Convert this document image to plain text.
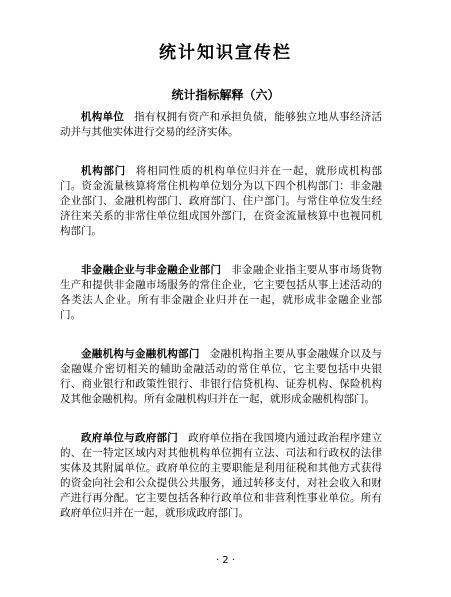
统计知识宣传栏
统计指标解释（六）

机构单位 指有权拥有资产和承担负债，能够独立地从事经济活动并与其他实体进行交易的经济实体。

机构部门 将相同性质的机构单位归并在一起，就形成机构部门。资金流量核算将常住机构单位划分为以下四个机构部门：非金融企业部门、金融机构部门、政府部门、住户部门。与常住单位发生经济往来关系的非常住单位组成国外部门，在资金流量核算中也视同机构部门。

非金融企业与非金融企业部门 非金融企业指主要从事市场货物生产和提供非金融市场服务的常住企业，它主要包括从事上述活动的各类法人企业。所有非金融企业归并在一起，就形成非金融企业部门。

金融机构与金融机构部门 金融机构指主要从事金融媒介以及与金融媒介密切相关的辅助金融活动的常住单位，它主要包括中央银行、商业银行和政策性银行、非银行信贷机构、证券机构、保险机构及其他金融机构。所有金融机构归并在一起，就形成金融机构部门。

政府单位与政府部门 政府单位指在我国境内通过政治程序建立的、在一特定区域内对其他机构单位拥有立法、司法和行政权的法律实体及其附属单位。政府单位的主要职能是利用征税和其他方式获得的资金向社会和公众提供公共服务，通过转移支付，对社会收入和财产进行再分配。它主要包括各种行政单位和非营利性事业单位。所有政府单位归并在一起，就形成政府部门。

· 2 ·
